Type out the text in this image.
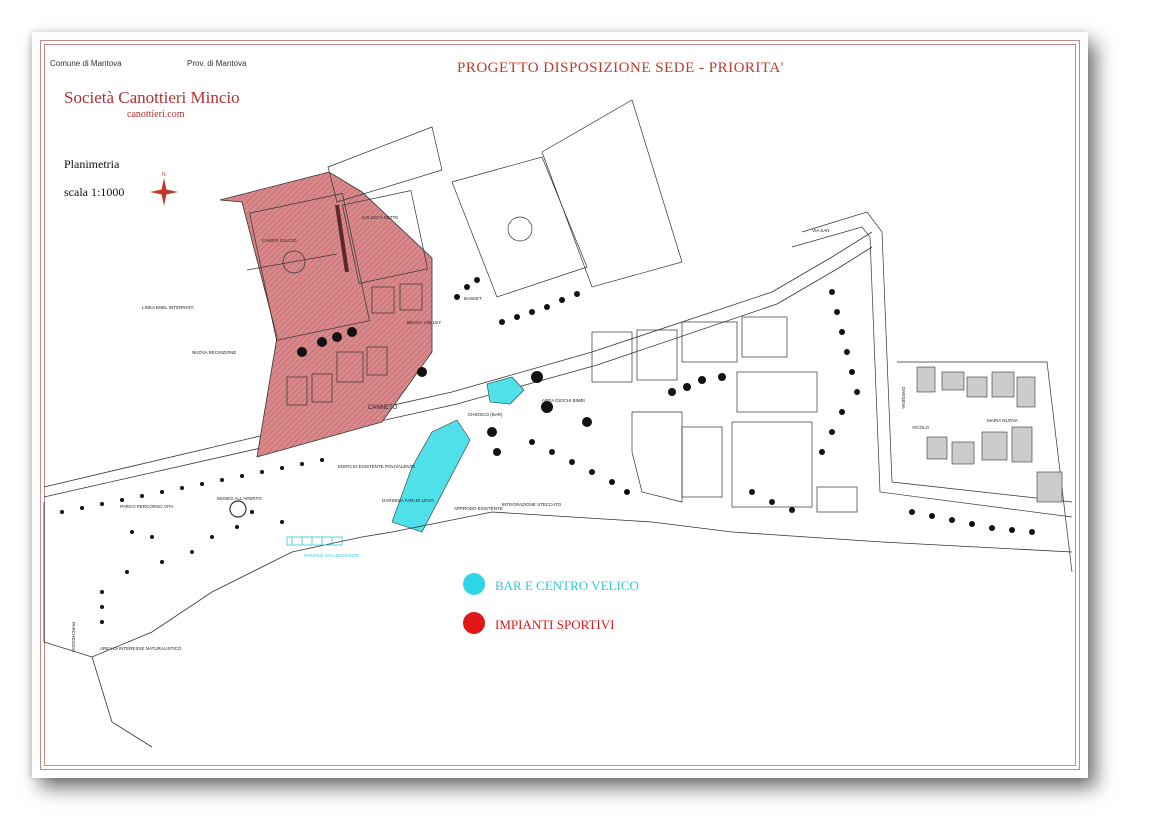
CAMPO CALCIO
CALCIO A SETTE
LINEA ENEL INTERRATA
NUOVA RECINZIONE
BEACH VOLLEY
BASKET
CANNETO
CHIOSCO (BAR)
AREA GIOCHI BIMBI
EDIFICIO ESISTENTE POLIVALENTE
DARSENA FARI DI LEVO
APPRODO ESISTENTE
INTEGRAZIONE STECCATO
PARCO PERCORSO VITA
MUSEO ALL'APERTO
PONTILE GALLEGGIANTE
PARCHEGGIO	AREA DI INTERESSE NATURALISTICO
VIA SAN
DARSENA
VICOLO
MARIA NUOVA
N
Comune di Mantova	Prov. di Mantova	PROGETTO DISPOSIZIONE SEDE - PRIORITA'
Società Canottieri Mincio
canottieri.com
Planimetria
scala 1:1000
BAR E CENTRO VELICO
IMPIANTI SPORTIVI
